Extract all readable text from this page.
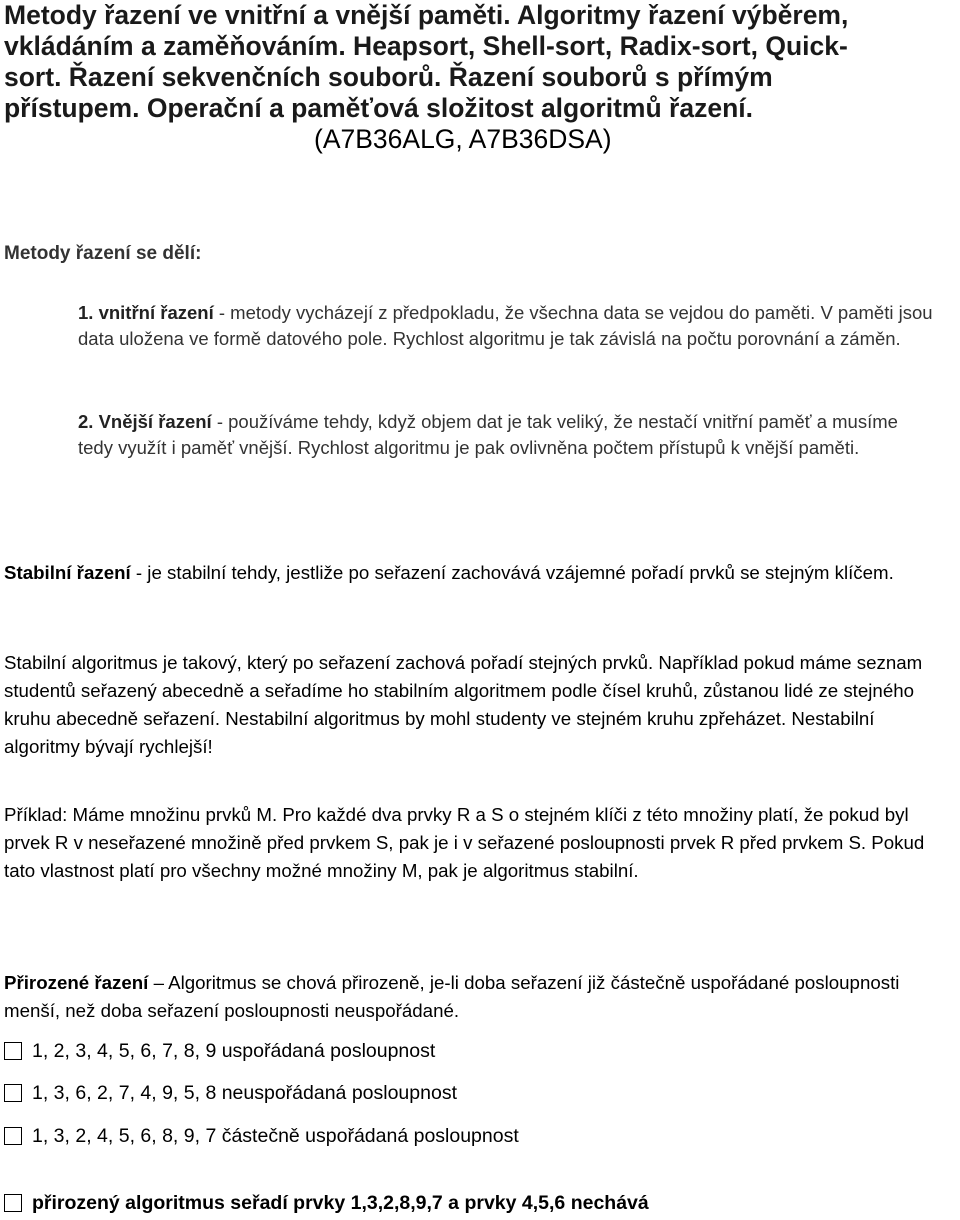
Metody řazení ve vnitřní a vnější paměti. Algoritmy řazení výběrem,
vkládáním a zaměňováním. Heapsort, Shell-sort, Radix-sort, Quick-
sort. Řazení sekvenčních souborů. Řazení souborů s přímým
přístupem. Operační a paměťová složitost algoritmů řazení.

(A7B36ALG, A7B36DSA)

Metody řazení se dělí:

1. vnitřní řazení - metody vycházejí z předpokladu, že všechna data se vejdou do paměti. V paměti jsou data uložena ve formě datového pole. Rychlost algoritmu je tak závislá na počtu porovnání a záměn.

2. Vnější řazení - používáme tehdy, když objem dat je tak veliký, že nestačí vnitřní paměť a musíme tedy využít i paměť vnější. Rychlost algoritmu je pak ovlivněna počtem přístupů k vnější paměti.

Stabilní řazení - je stabilní tehdy, jestliže po seřazení zachovává vzájemné pořadí prvků se stejným klíčem.

Stabilní algoritmus je takový, který po seřazení zachová pořadí stejných prvků. Například pokud máme seznam studentů seřazený abecedně a seřadíme ho stabilním algoritmem podle čísel kruhů, zůstanou lidé ze stejného kruhu abecedně seřazení. Nestabilní algoritmus by mohl studenty ve stejném kruhu zpřeházet. Nestabilní algoritmy bývají rychlejší!

Příklad: Máme množinu prvků M. Pro každé dva prvky R a S o stejném klíči z této množiny platí, že pokud byl prvek R v neseřazené množině před prvkem S, pak je i v seřazené posloupnosti prvek R před prvkem S. Pokud tato vlastnost platí pro všechny možné množiny M, pak je algoritmus stabilní.

Přirozené řazení – Algoritmus se chová přirozeně, je-li doba seřazení již částečně uspořádané posloupnosti menší, než doba seřazení posloupnosti neuspořádané.

1, 2, 3, 4, 5, 6, 7, 8, 9 uspořádaná posloupnost

1, 3, 6, 2, 7, 4, 9, 5, 8 neuspořádaná posloupnost

1, 3, 2, 4, 5, 6, 8, 9, 7 částečně uspořádaná posloupnost

přirozený algoritmus seřadí prvky 1,3,2,8,9,7 a prvky 4,5,6 nechává
